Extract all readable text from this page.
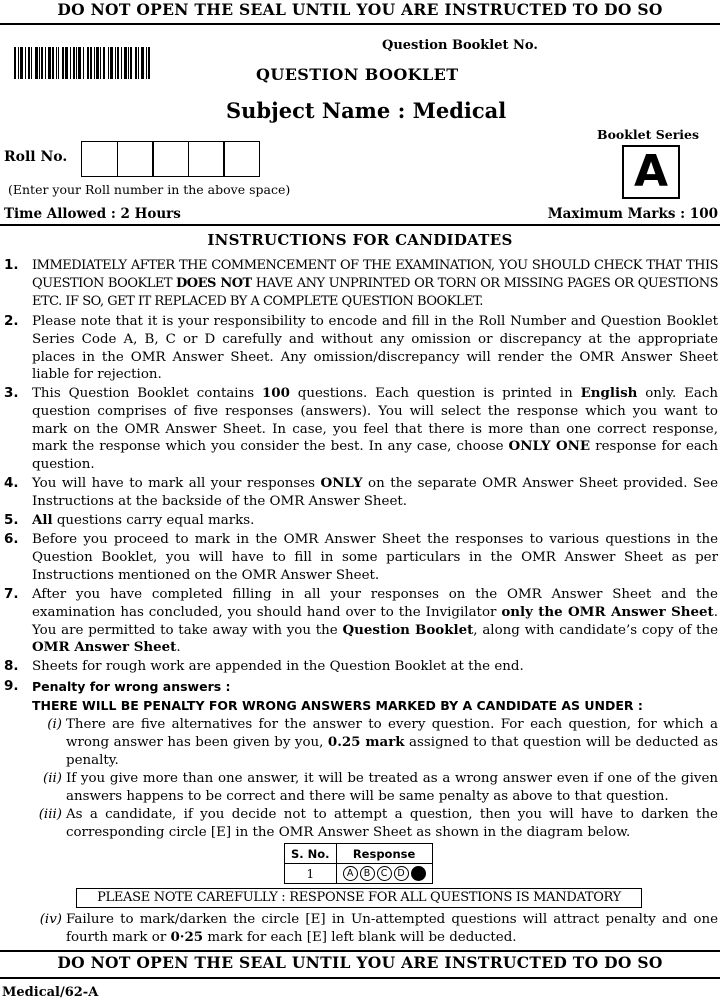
DO NOT OPEN THE SEAL UNTIL YOU ARE INSTRUCTED TO DO SO
Question Booklet No.
QUESTION BOOKLET
Subject Name : Medical
Booklet Series
A
Roll No.
(Enter your Roll number in the above space)
Time Allowed : 2 Hours	Maximum Marks : 100
INSTRUCTIONS FOR CANDIDATES
1. IMMEDIATELY AFTER THE COMMENCEMENT OF THE EXAMINATION, YOU SHOULD CHECK THAT THIS QUESTION BOOKLET DOES NOT HAVE ANY UNPRINTED OR TORN OR MISSING PAGES OR QUESTIONS ETC. IF SO, GET IT REPLACED BY A COMPLETE QUESTION BOOKLET.
2. Please note that it is your responsibility to encode and fill in the Roll Number and Question Booklet Series Code A, B, C or D carefully and without any omission or discrepancy at the appropriate places in the OMR Answer Sheet. Any omission/discrepancy will render the OMR Answer Sheet liable for rejection.
3. This Question Booklet contains 100 questions. Each question is printed in English only. Each question comprises of five responses (answers). You will select the response which you want to mark on the OMR Answer Sheet. In case, you feel that there is more than one correct response, mark the response which you consider the best. In any case, choose ONLY ONE response for each question.
4. You will have to mark all your responses ONLY on the separate OMR Answer Sheet provided. See Instructions at the backside of the OMR Answer Sheet.
5. All questions carry equal marks.
6. Before you proceed to mark in the OMR Answer Sheet the responses to various questions in the Question Booklet, you will have to fill in some particulars in the OMR Answer Sheet as per Instructions mentioned on the OMR Answer Sheet.
7. After you have completed filling in all your responses on the OMR Answer Sheet and the examination has concluded, you should hand over to the Invigilator only the OMR Answer Sheet. You are permitted to take away with you the Question Booklet, along with candidate’s copy of the OMR Answer Sheet.
8. Sheets for rough work are appended in the Question Booklet at the end.
9. Penalty for wrong answers :
THERE WILL BE PENALTY FOR WRONG ANSWERS MARKED BY A CANDIDATE AS UNDER :
(i) There are five alternatives for the answer to every question. For each question, for which a wrong answer has been given by you, 0.25 mark assigned to that question will be deducted as penalty.
(ii) If you give more than one answer, it will be treated as a wrong answer even if one of the given answers happens to be correct and there will be same penalty as above to that question.
(iii) As a candidate, if you decide not to attempt a question, then you will have to darken the corresponding circle [E] in the OMR Answer Sheet as shown in the diagram below.
S. No.	Response
1	A B C D
PLEASE NOTE CAREFULLY : RESPONSE FOR ALL QUESTIONS IS MANDATORY
(iv) Failure to mark/darken the circle [E] in Un-attempted questions will attract penalty and one fourth mark or 0·25 mark for each [E] left blank will be deducted.
DO NOT OPEN THE SEAL UNTIL YOU ARE INSTRUCTED TO DO SO
Medical/62-A
